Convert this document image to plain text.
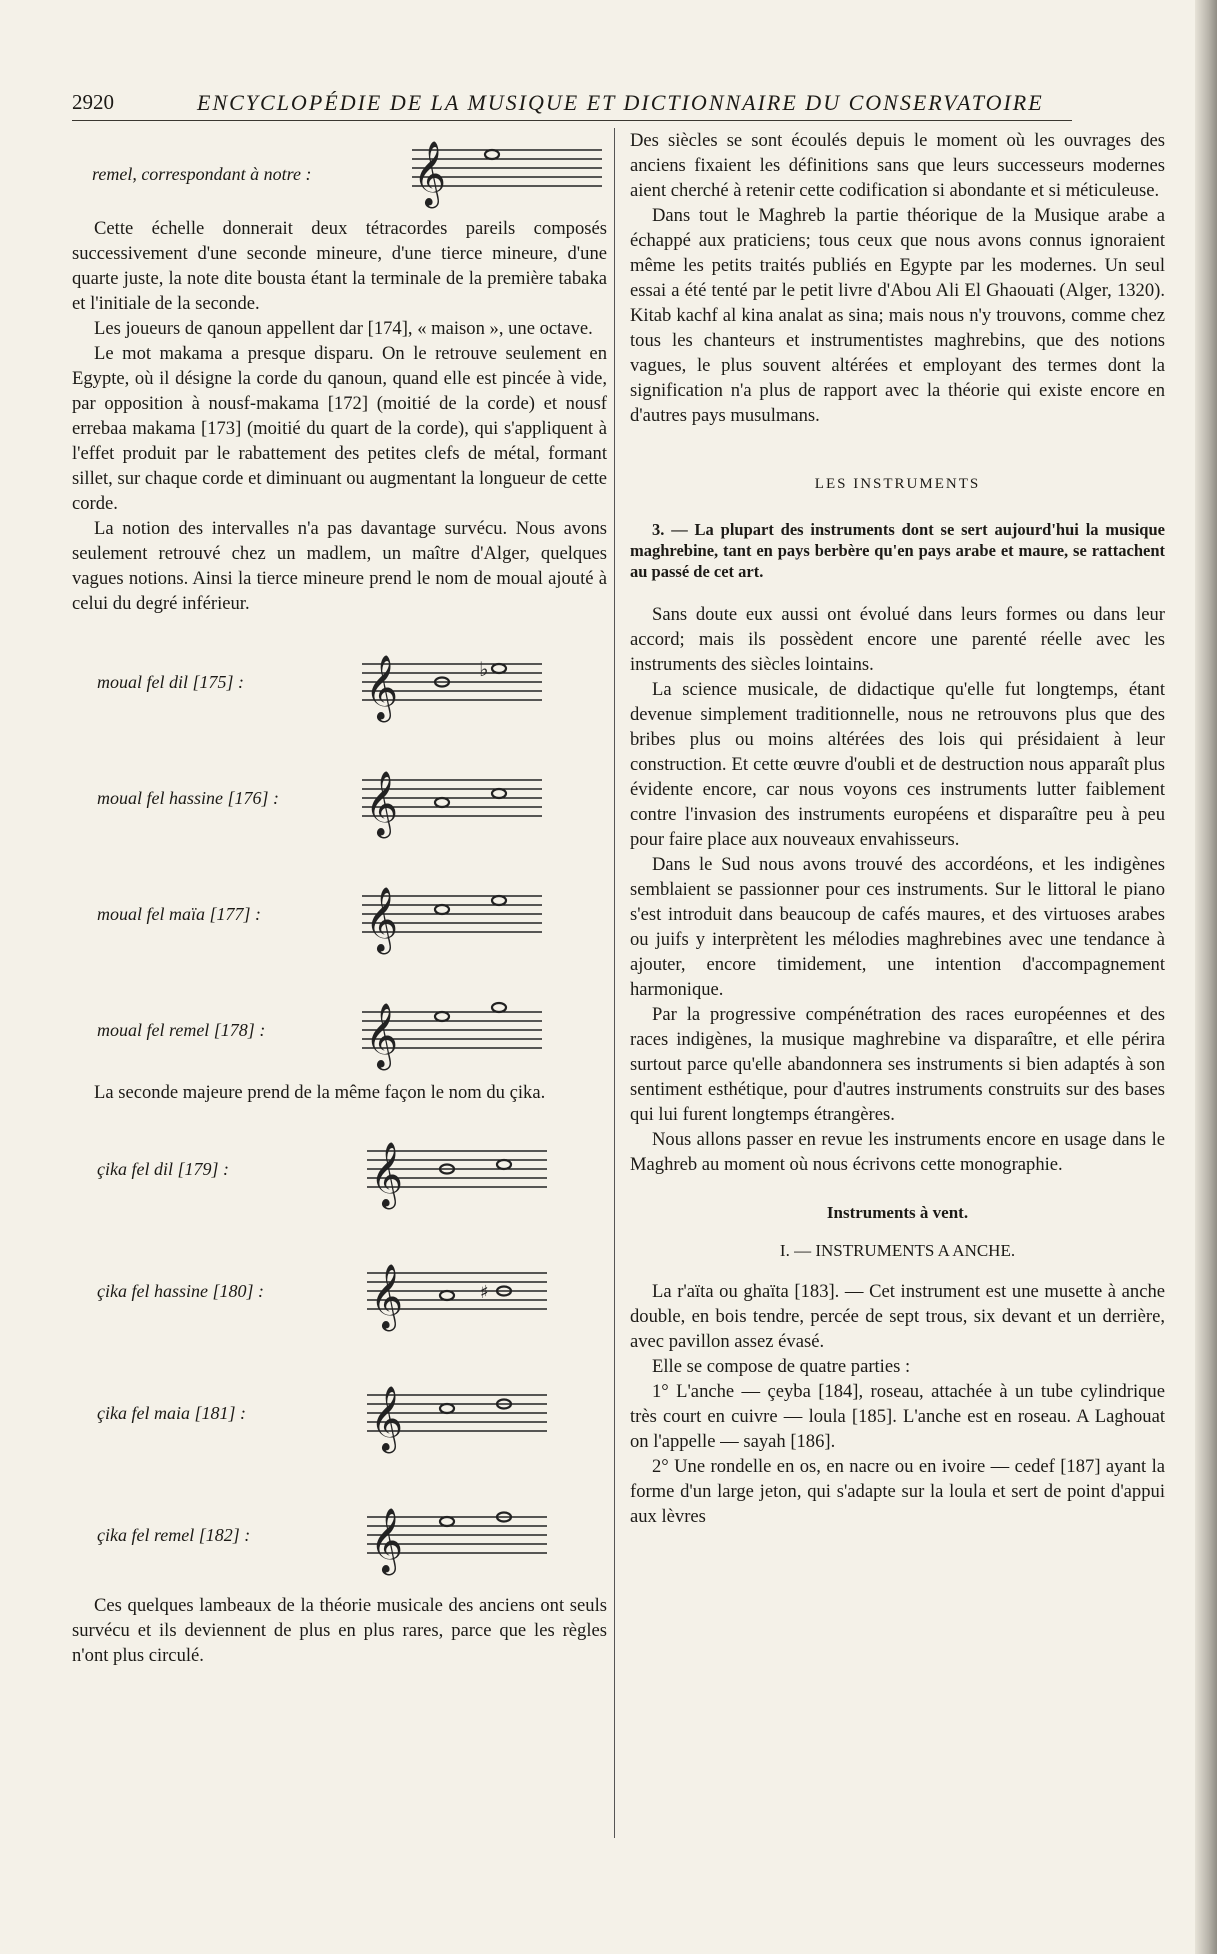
2920	ENCYCLOPÉDIE DE LA MUSIQUE ET DICTIONNAIRE DU CONSERVATOIRE
remel, correspondant à notre : 𝄞

Cette échelle donnerait deux tétracordes pareils composés successivement d'une seconde mineure, d'une tierce mineure, d'une quarte juste, la note dite bousta étant la terminale de la première tabaka et l'initiale de la seconde.

Les joueurs de qanoun appellent dar [174], « maison », une octave.

Le mot makama a presque disparu. On le retrouve seulement en Egypte, où il désigne la corde du qanoun, quand elle est pincée à vide, par opposition à nousf-makama [172] (moitié de la corde) et nousf errebaa makama [173] (moitié du quart de la corde), qui s'appliquent à l'effet produit par le rabattement des petites clefs de métal, formant sillet, sur chaque corde et diminuant ou augmentant la longueur de cette corde.

La notion des intervalles n'a pas davantage survécu. Nous avons seulement retrouvé chez un madlem, un maître d'Alger, quelques vagues notions. Ainsi la tierce mineure prend le nom de moual ajouté à celui du degré inférieur.

moual fel dil [175] : 𝄞	♭
moual fel hassine [176] : 𝄞
moual fel maïa [177] : 𝄞
moual fel remel [178] : 𝄞

La seconde majeure prend de la même façon le nom du çika.

çika fel dil [179] :	𝄞
çika fel hassine [180] : 𝄞	♯
çika fel maia [181] : 𝄞
çika fel remel [182] : 𝄞

Ces quelques lambeaux de la théorie musicale des anciens ont seuls survécu et ils deviennent de plus en plus rares, parce que les règles n'ont plus circulé.

Des siècles se sont écoulés depuis le moment où les ouvrages des anciens fixaient les définitions sans que leurs successeurs modernes aient cherché à retenir cette codification si abondante et si méticuleuse.

Dans tout le Maghreb la partie théorique de la Musique arabe a échappé aux praticiens; tous ceux que nous avons connus ignoraient même les petits traités publiés en Egypte par les modernes. Un seul essai a été tenté par le petit livre d'Abou Ali El Ghaouati (Alger, 1320). Kitab kachf al kina analat as sina; mais nous n'y trouvons, comme chez tous les chanteurs et instrumentistes maghrebins, que des notions vagues, le plus souvent altérées et employant des termes dont la signification n'a plus de rapport avec la théorie qui existe encore en d'autres pays musulmans.

LES INSTRUMENTS

3. — La plupart des instruments dont se sert aujourd'hui la musique maghrebine, tant en pays berbère qu'en pays arabe et maure, se rattachent au passé de cet art.

Sans doute eux aussi ont évolué dans leurs formes ou dans leur accord; mais ils possèdent encore une parenté réelle avec les instruments des siècles lointains.

La science musicale, de didactique qu'elle fut longtemps, étant devenue simplement traditionnelle, nous ne retrouvons plus que des bribes plus ou moins altérées des lois qui présidaient à leur construction. Et cette œuvre d'oubli et de destruction nous apparaît plus évidente encore, car nous voyons ces instruments lutter faiblement contre l'invasion des instruments européens et disparaître peu à peu pour faire place aux nouveaux envahisseurs.

Dans le Sud nous avons trouvé des accordéons, et les indigènes semblaient se passionner pour ces instruments. Sur le littoral le piano s'est introduit dans beaucoup de cafés maures, et des virtuoses arabes ou juifs y interprètent les mélodies maghrebines avec une tendance à ajouter, encore timidement, une intention d'accompagnement harmonique.

Par la progressive compénétration des races européennes et des races indigènes, la musique maghrebine va disparaître, et elle périra surtout parce qu'elle abandonnera ses instruments si bien adaptés à son sentiment esthétique, pour d'autres instruments construits sur des bases qui lui furent longtemps étrangères.

Nous allons passer en revue les instruments encore en usage dans le Maghreb au moment où nous écrivons cette monographie.

Instruments à vent.
I. — INSTRUMENTS A ANCHE.

La r'aïta ou ghaïta [183]. — Cet instrument est une musette à anche double, en bois tendre, percée de sept trous, six devant et un derrière, avec pavillon assez évasé.

Elle se compose de quatre parties :

1° L'anche — çeyba [184], roseau, attachée à un tube cylindrique très court en cuivre — loula [185]. L'anche est en roseau. A Laghouat on l'appelle — sayah [186].

2° Une rondelle en os, en nacre ou en ivoire — cedef [187] ayant la forme d'un large jeton, qui s'adapte sur la loula et sert de point d'appui aux lèvres
